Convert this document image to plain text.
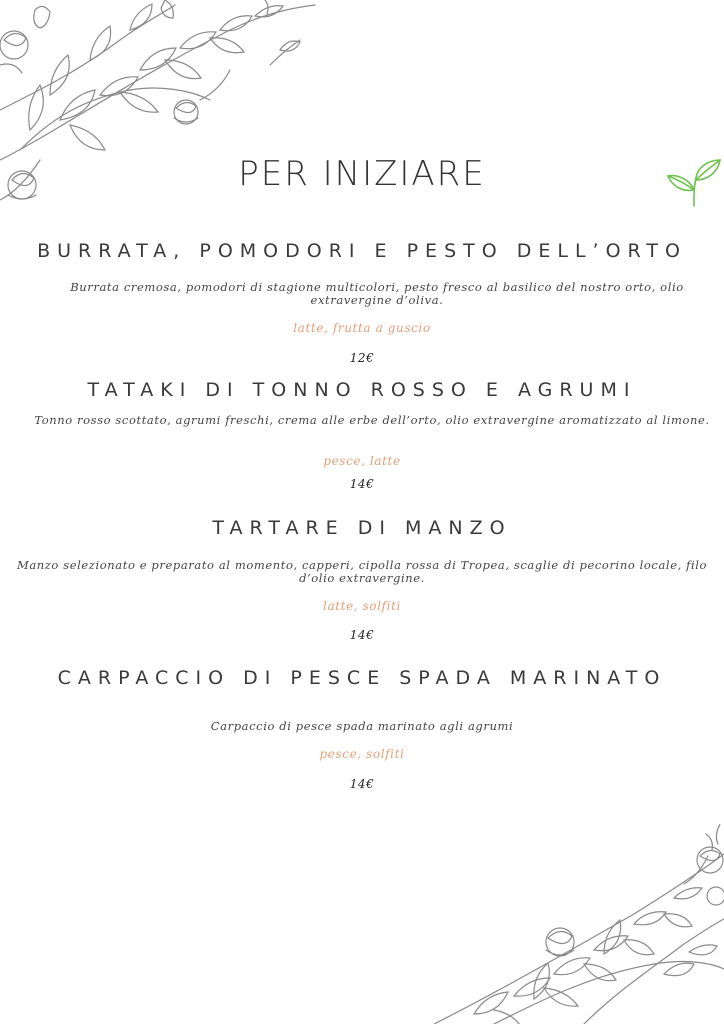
PER INIZIARE
BURRATA, POMODORI E PESTO DELL’ORTO
Burrata cremosa, pomodori di stagione multicolori, pesto fresco al basilico del nostro orto, olio extravergine d’oliva.
latte, frutta a guscio
12€
TATAKI DI TONNO ROSSO E AGRUMI
Tonno rosso scottato, agrumi freschi, crema alle erbe dell’orto, olio extravergine aromatizzato al limone.
pesce, latte
14€
TARTARE DI MANZO
Manzo selezionato e preparato al momento, capperi, cipolla rossa di Tropea, scaglie di pecorino locale, filo d’olio extravergine.
latte, solfiti
14€
CARPACCIO DI PESCE SPADA MARINATO
Carpaccio di pesce spada marinato agli agrumi
pesce, solfiti
14€
